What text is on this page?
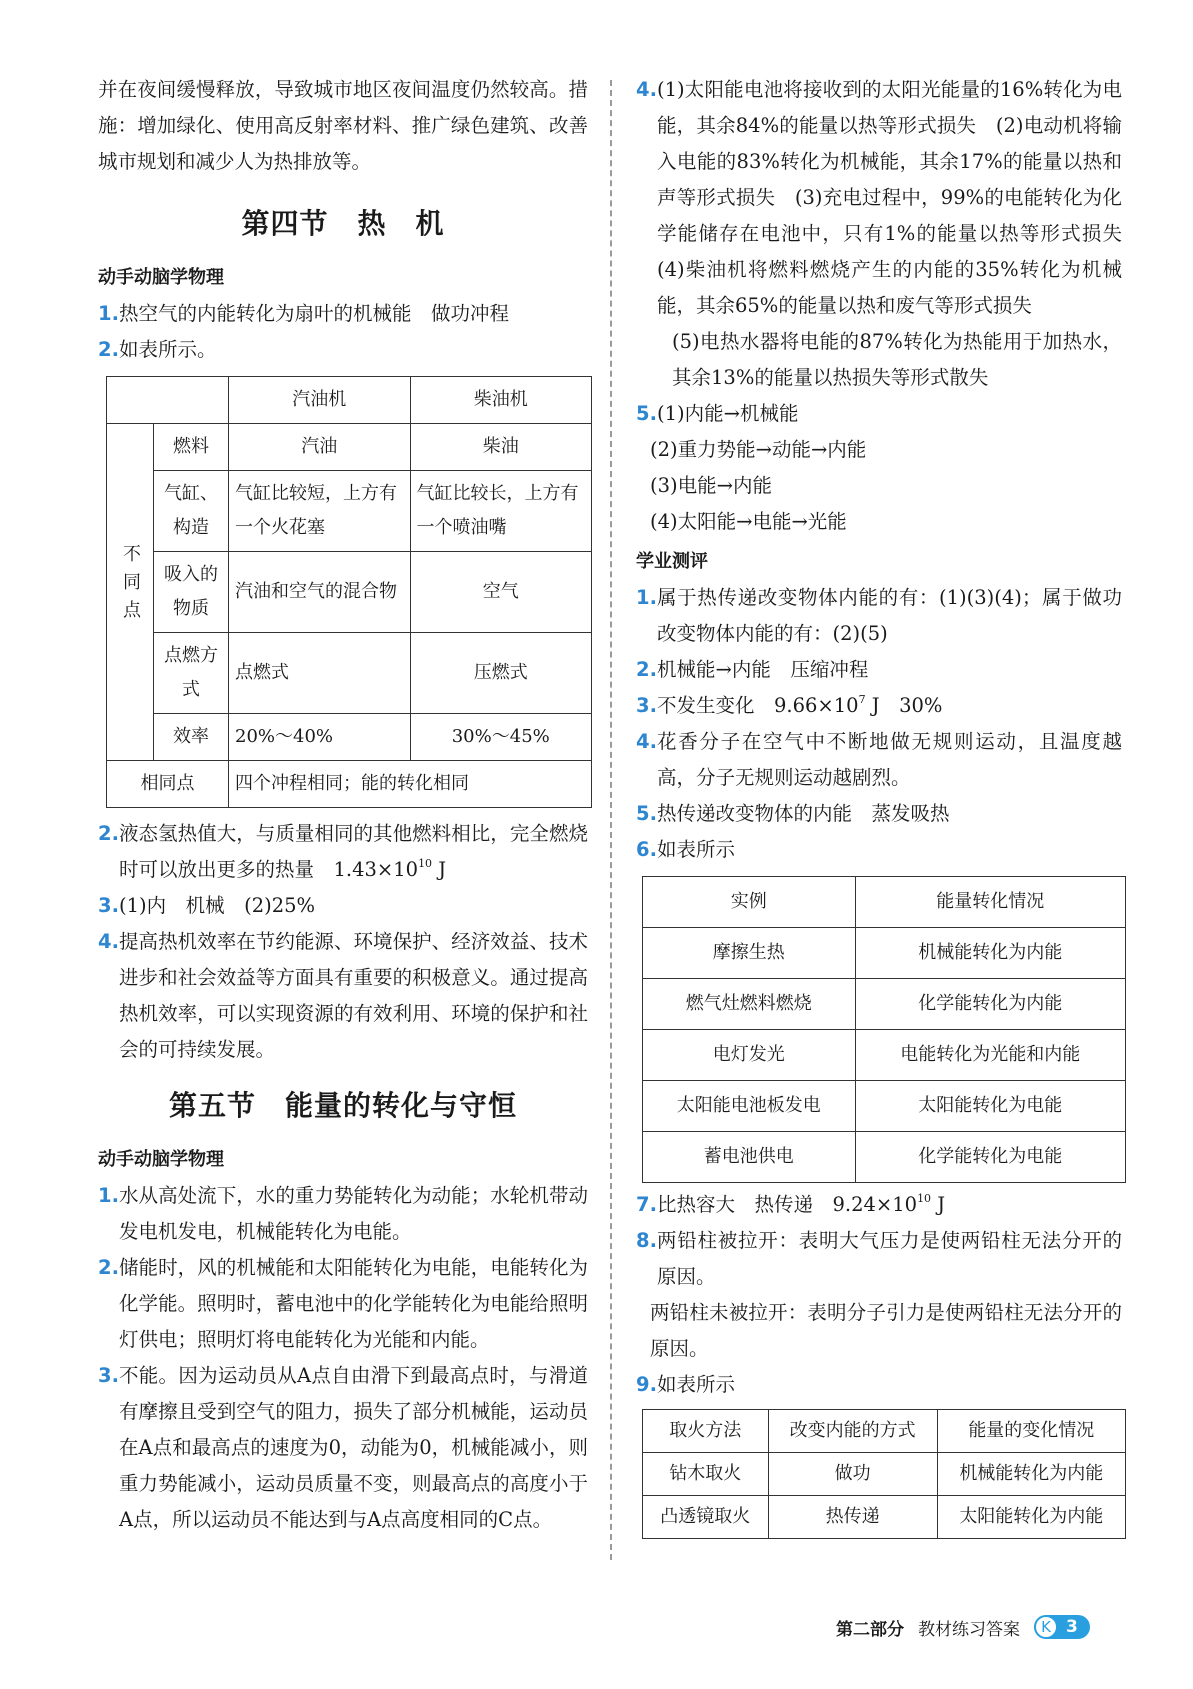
并在夜间缓慢释放，导致城市地区夜间温度仍然较高。措施：增加绿化、使用高反射率材料、推广绿色建筑、改善城市规划和减少人为热排放等。

第四节　热　机
动手动脑学物理
1. 热空气的内能转化为扇叶的机械能　做功冲程
2. 如表所示。
		汽油机	柴油机
不同点	燃料	汽油	柴油
	气缸、构造	气缸比较短，上方有一个火花塞	气缸比较长，上方有一个喷油嘴
	吸入的物质	汽油和空气的混合物	空气
	点燃方式	点燃式	压燃式
	效率	20%～40%	30%～45%
相同点		四个冲程相同；能的转化相同	
2. 液态氢热值大，与质量相同的其他燃料相比，完全燃烧时可以放出更多的热量　$1.43\times 10^{10}$ J
3. (1)内　机械　(2)25%
4. 提高热机效率在节约能源、环境保护、经济效益、技术进步和社会效益等方面具有重要的积极意义。通过提高热机效率，可以实现资源的有效利用、环境的保护和社会的可持续发展。
第五节　能量的转化与守恒
动手动脑学物理
1. 水从高处流下，水的重力势能转化为动能；水轮机带动发电机发电，机械能转化为电能。
2. 储能时，风的机械能和太阳能转化为电能，电能转化为化学能。照明时，蓄电池中的化学能转化为电能给照明灯供电；照明灯将电能转化为光能和内能。
3. 不能。因为运动员从A点自由滑下到最高点时，与滑道有摩擦且受到空气的阻力，损失了部分机械能，运动员在A点和最高点的速度为0，动能为0，机械能减小，则重力势能减小，运动员质量不变，则最高点的高度小于A点，所以运动员不能达到与A点高度相同的C点。
4. (1)太阳能电池将接收到的太阳光能量的16%转化为电能，其余84%的能量以热等形式损失　(2)电动机将输入电能的83%转化为机械能，其余17%的能量以热和声等形式损失　(3)充电过程中，99%的电能转化为化学能储存在电池中，只有1%的能量以热等形式损失　(4)柴油机将燃料燃烧产生的内能的35%转化为机械能，其余65%的能量以热和废气等形式损失

(5)电热水器将电能的87%转化为热能用于加热水，其余13%的能量以热损失等形式散失

5. (1)内能→机械能

(2)重力势能→动能→内能

(3)电能→内能

(4)太阳能→电能→光能

学业测评
1. 属于热传递改变物体内能的有：(1)(3)(4)；属于做功改变物体内能的有：(2)(5)
2. 机械能→内能　压缩冲程
3. 不发生变化　$9.66\times 10^7$ J　30%
4. 花香分子在空气中不断地做无规则运动，且温度越高，分子无规则运动越剧烈。
5. 热传递改变物体的内能　蒸发吸热
6. 如表所示
实例	能量转化情况
摩擦生热	机械能转化为内能
燃气灶燃料燃烧	化学能转化为内能
电灯发光	电能转化为光能和内能
太阳能电池板发电	太阳能转化为电能
蓄电池供电	化学能转化为电能
7. 比热容大　热传递　$9.24\times 10^{10}$ J
8. 两铅柱被拉开：表明大气压力是使两铅柱无法分开的原因。

两铅柱未被拉开：表明分子引力是使两铅柱无法分开的原因。

9. 如表所示
取火方法	改变内能的方式	能量的变化情况
钻木取火	做功	机械能转化为内能
凸透镜取火	热传递	太阳能转化为内能
第二部分 教材练习答案	K 3
